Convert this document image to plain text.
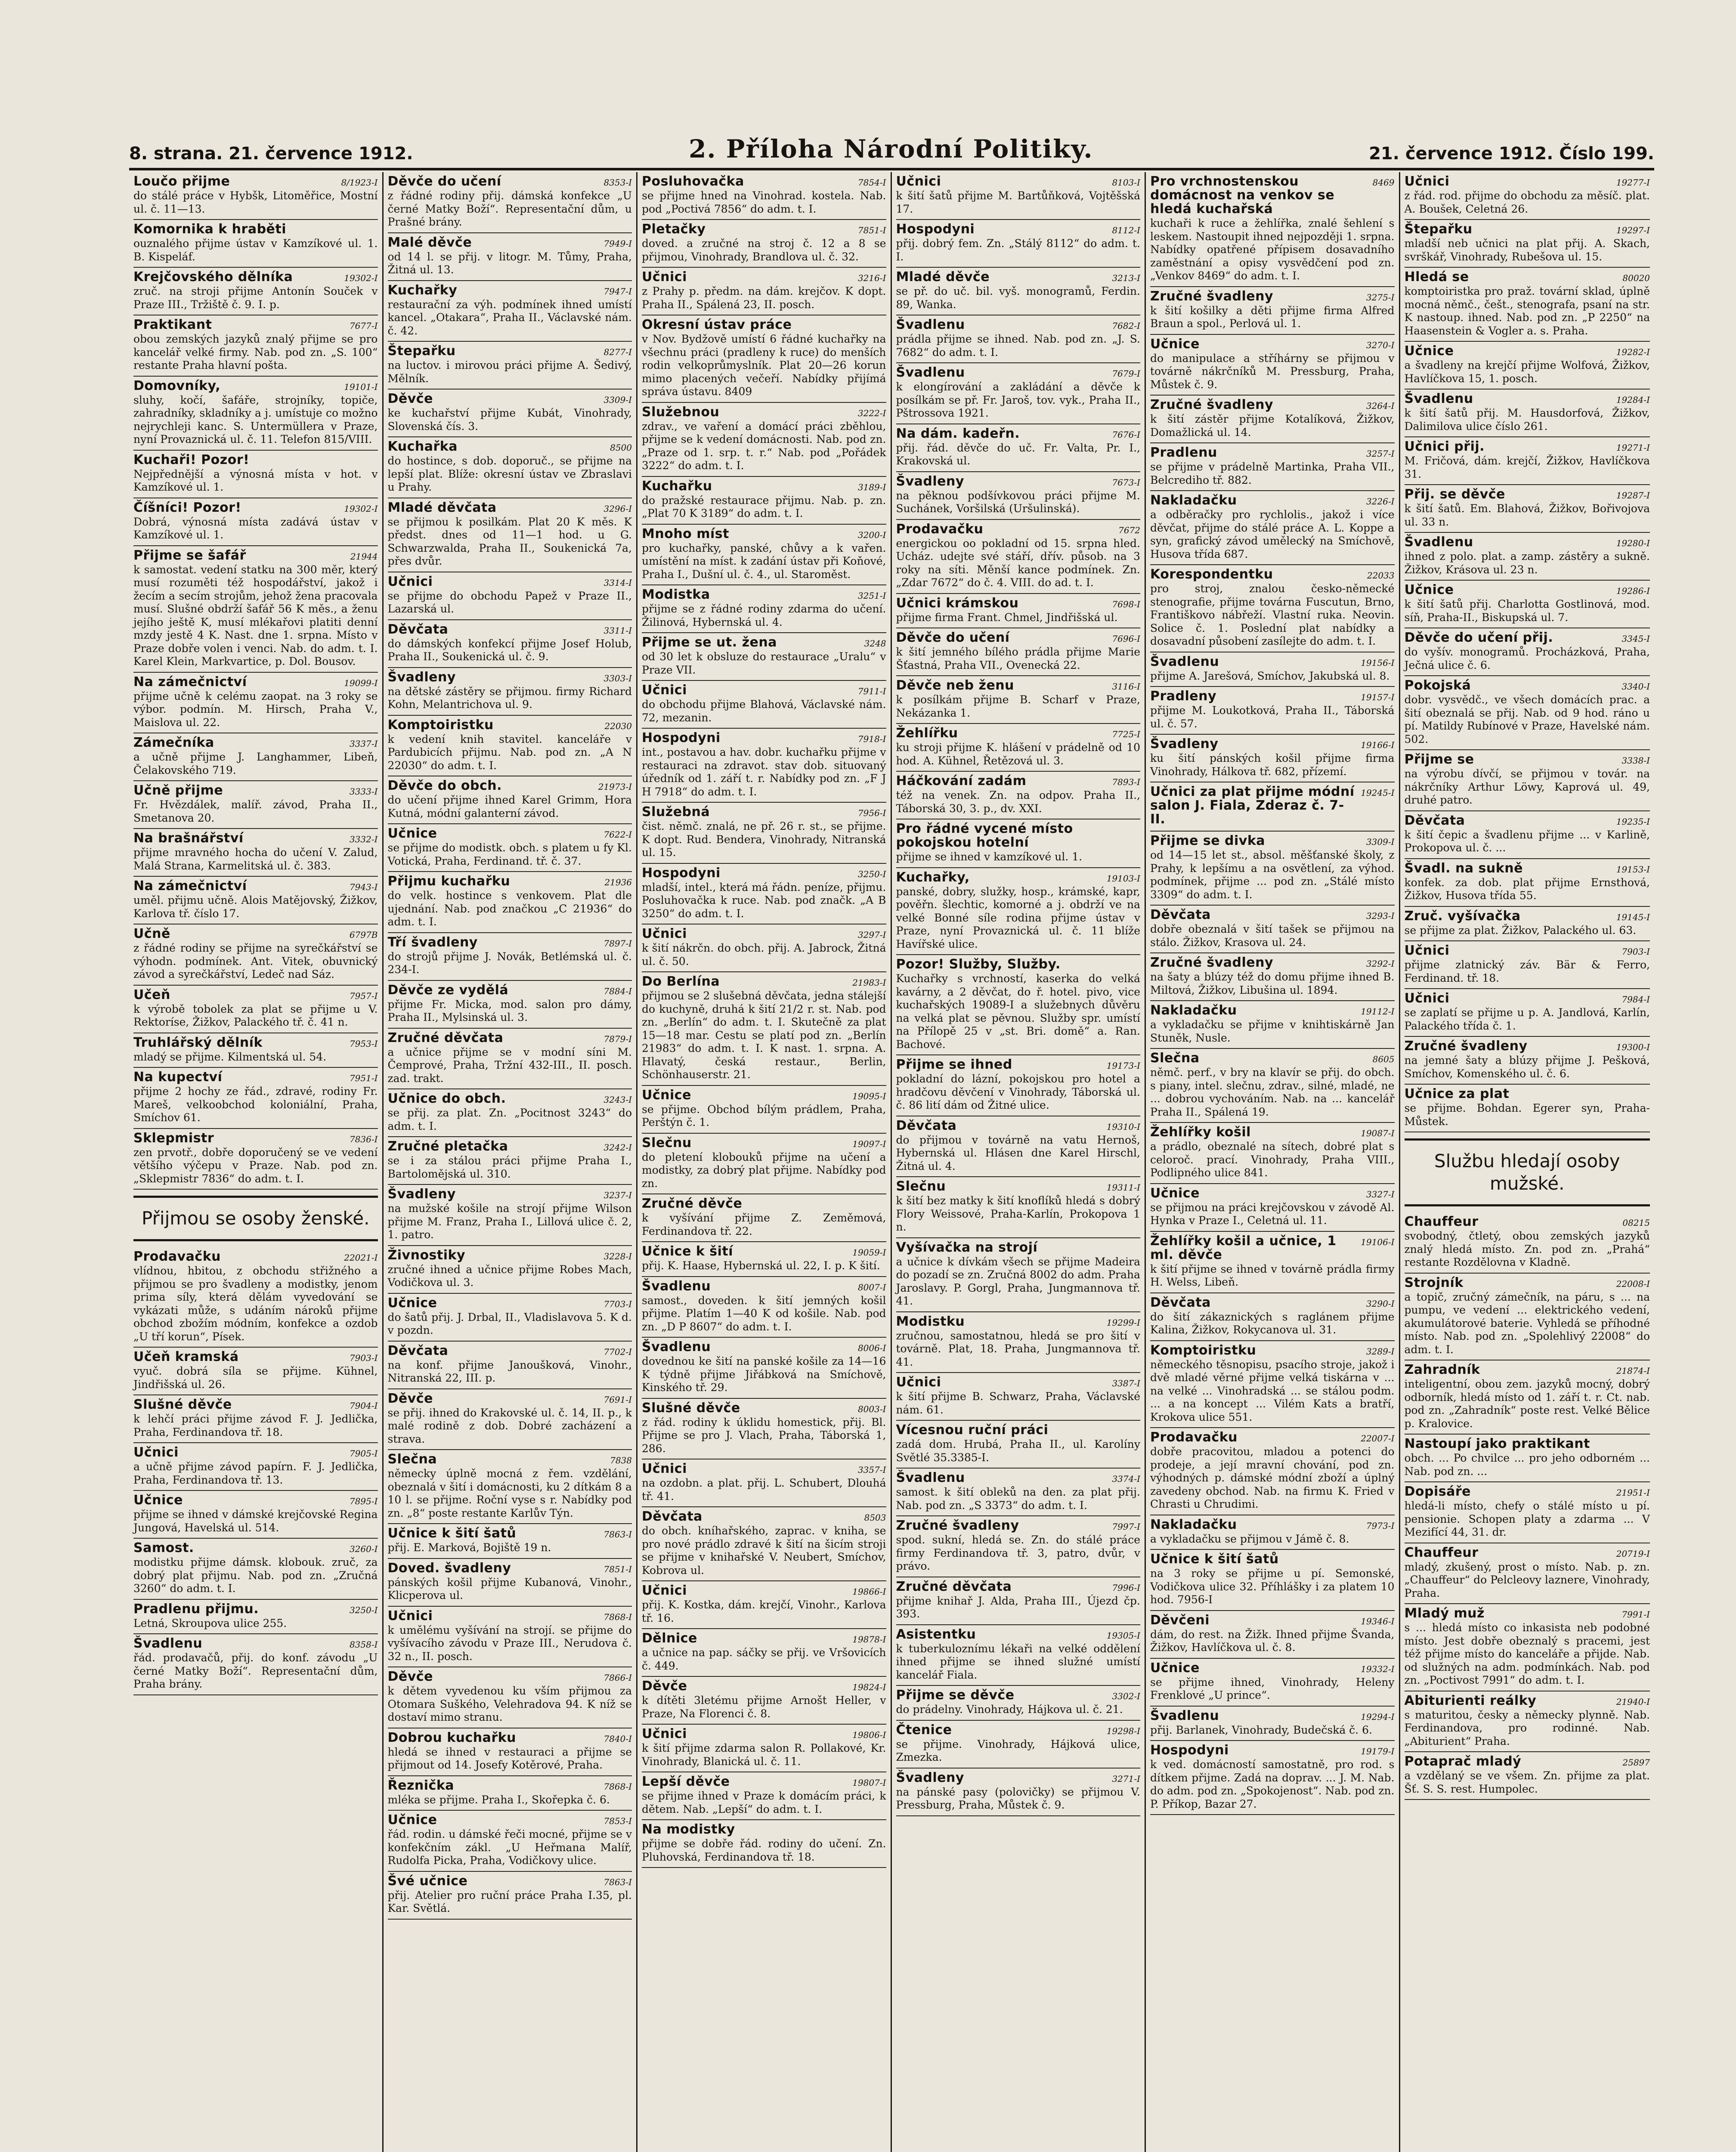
8. strana. 21. července 1912.	2. Příloha Národní Politiky.	21. července 1912. Číslo 199.
Loučo přijme	8/1923-I
do stálé práce v Hybšk, Litoměřice, Mostní ul. č. 11—13.
Komornika k hraběti
ouznalého přijme ústav v Kamzíkové ul. 1. B. Kispeláf.
Krejčovského dělníka	19302-I
zruč. na stroji přijme Antonín Souček v Praze III., Tržiště č. 9. I. p.
Praktikant	7677-I
obou zemských jazyků znalý přijme se pro kancelář velké firmy. Nab. pod zn. „S. 100“ restante Praha hlavní pošta.
Domovníky,	19101-I
sluhy, kočí, šafáře, strojníky, topiče, zahradníky, skladníky a j. umístuje co možno nejrychleji kanc. S. Untermüllera v Praze, nyní Provaznická ul. č. 11. Telefon 815/VIII.
Kuchaři! Pozor!
Nejpřednější a výnosná místa v hot. v Kamzíkové ul. 1.
Číšníci! Pozor!	19302-I
Dobrá, výnosná místa zadává ústav v Kamzíkové ul. 1.
Přijme se šafář	21944
k samostat. vedení statku na 300 měr, který musí rozuměti též hospodářství, jakož i žecím a secím strojům, jehož žena pracovala musí. Slušné obdrží šafář 56 K měs., a ženu jejího ještě K, musí mlékařovi platiti denní mzdy jestě 4 K. Nast. dne 1. srpna. Místo v Praze dobře volen i venci. Nab. do adm. t. I. Karel Klein, Markvartice, p. Dol. Bousov.
Na zámečnictví	19099-I
přijme učně k celému zaopat. na 3 roky se výbor. podmín. M. Hirsch, Praha V., Maislova ul. 22.
Zámečníka	3337-I
a učně přijme J. Langhammer, Libeň, Čelakovského 719.
Učně přijme	3333-I
Fr. Hvězdálek, malíř. závod, Praha II., Smetanova 20.
Na brašnářství	3332-I
přijme mravného hocha do učení V. Zalud, Malá Strana, Karmelitská ul. č. 383.
Na zámečnictví	7943-I
uměl. přijmu učně. Alois Matějovský, Žižkov, Karlova tř. číslo 17.
Učně	6797B
z řádné rodiny se přijme na syrečkářství se výhodn. podmínek. Ant. Vitek, obuvnický závod a syrečkářství, Ledeč nad Sáz.
Učeň	7957-I
k výrobě tobolek za plat se přijme u V. Rektoríse, Žižkov, Palackého tř. č. 41 n.
Truhlářský dělník	7953-I
mladý se přijme. Kilmentská ul. 54.
Na kupectví	7951-I
přijme 2 hochy ze řád., zdravé, rodiny Fr. Mareš, velkoobchod koloniální, Praha, Smíchov 61.
Sklepmistr	7836-I
zen prvotř., dobře doporučený se ve vedení většího výčepu v Praze. Nab. pod zn. „Sklepmistr 7836“ do adm. t. I.
Přijmou se osoby ženské.
Prodavačku	22021-I
vlídnou, hbitou, z obchodu střižného a přijmou se pro švadleny a modistky, jenom prima síly, která dělám vyvedování se vykázati může, s udáním nároků přijme obchod zbožím módním, konfekce a ozdob „U tří korun“, Písek.
Učeň kramská	7903-I
vyuč. dobrá síla se přijme. Kühnel, Jindřišská ul. 26.
Slušné děvče	7904-I
k lehčí práci přijme závod F. J. Jedlička, Praha, Ferdinandova tř. 18.
Učnici	7905-I
a učně přijme závod papírn. F. J. Jedlička, Praha, Ferdinandova tř. 13.
Učnice	7895-I
přijme se ihned v dámské krejčovské Regina Jungová, Havelská ul. 514.
Samost.	3260-I
modistku přijme dámsk. klobouk. zruč, za dobrý plat přijmu. Nab. pod zn. „Zručná 3260“ do adm. t. I.
Pradlenu přijmu.	3250-I
Letná, Skroupova ulice 255.
Švadlenu	8358-I
řád. prodavačů, přij. do konf. závodu „U černé Matky Boží“. Representační dům, Praha brány.
Děvče do učení	8353-I
z řádné rodiny přij. dámská konfekce „U černé Matky Boží“. Representační dům, u Prašné brány.
Malé děvče	7949-I
od 14 l. se přij. v litogr. M. Tůmy, Praha, Žitná ul. 13.
Kuchařky	7947-I
restaurační za výh. podmínek ihned umístí kancel. „Otakara“, Praha II., Václavské nám. č. 42.
Štepařku	8277-I
na luctov. i mirovou práci přijme A. Šedivý, Mělník.
Děvče	3309-I
ke kuchařství přijme Kubát, Vinohrady, Slovenská čís. 3.
Kuchařka	8500
do hostince, s dob. doporuč., se přijme na lepší plat. Blíže: okresní ústav ve Zbraslavi u Prahy.
Mladé děvčata	3296-I
se přijmou k posilkám. Plat 20 K měs. K předst. dnes od 11—1 hod. u G. Schwarzwalda, Praha II., Soukenická 7a, přes dvůr.
Učnici	3314-I
se přijme do obchodu Papež v Praze II., Lazarská ul.
Děvčata	3311-I
do dámských konfekcí přijme Josef Holub, Praha II., Soukenická ul. č. 9.
Švadleny	3303-I
na dětské zástěry se přijmou. firmy Richard Kohn, Melantrichova ul. 9.
Komptoiristku	22030
k vedení knih stavitel. kanceláře v Pardubicích přijmu. Nab. pod zn. „A N 22030“ do adm. t. I.
Děvče do obch.	21973-I
do učení přijme ihned Karel Grimm, Hora Kutná, módní galanterní závod.
Učnice	7622-I
se přijme do modistk. obch. s platem u fy Kl. Votická, Praha, Ferdinand. tř. č. 37.
Přijmu kuchařku	21936
do velk. hostince s venkovem. Plat dle ujednání. Nab. pod značkou „C 21936“ do adm. t. I.
Tří švadleny	7897-I
do strojů přijme J. Novák, Betlémská ul. č. 234-I.
Děvče ze vydělá	7884-I
přijme Fr. Micka, mod. salon pro dámy, Praha II., Mylsinská ul. 3.
Zručné děvčata	7879-I
a učnice přijme se v modní síni M. Čemprové, Praha, Tržní 432-III., II. posch. zad. trakt.
Učnice do obch.	3243-I
se přij. za plat. Zn. „Pocitnost 3243“ do adm. t. I.
Zručné pletačka	3242-I
se i za stálou práci přijme Praha I., Bartolomějská ul. 310.
Švadleny	3237-I
na mužské košile na strojí přijme Wilson přijme M. Franz, Praha I., Lillová ulice č. 2, 1. patro.
Živnostiky	3228-I
zručné ihned a učnice přijme Robes Mach, Vodičkova ul. 3.
Učnice	7703-I
do šatů přij. J. Drbal, II., Vladislavova 5. K d. v pozdn.
Děvčata	7702-I
na konf. přijme Janoušková, Vinohr., Nitranská 22, III. p.
Děvče	7691-I
se přij. ihned do Krakovské ul. č. 14, II. p., k malé rodině z dob. Dobré zacházení a strava.
Slečna	7838
německy úplně mocná z řem. vzdělání, obeznalá v šití i domácnosti, ku 2 dítkám 8 a 10 l. se přijme. Roční vyse s r. Nabídky pod zn. „8“ poste restante Karlův Týn.
Učnice k šití šatů	7863-I
přij. E. Marková, Bojiště 19 n.
Doved. švadleny	7851-I
pánských košil přijme Kubanová, Vinohr., Klicperova ul.
Učnici	7868-I
k umělému vyšívání na strojí. se přijme do vyšívacího závodu v Praze III., Nerudova č. 32 n., II. posch.
Děvče	7866-I
k dětem vyvedenou ku vším přijmou za Otomara Suškého, Velehradova 94. K níž se dostaví mimo stranu.
Dobrou kuchařku	7840-I
hledá se ihned v restauraci a přijme se přijmout od 14. Josefy Kotěrové, Praha.
Řeznička	7868-I
mléka se přijme. Praha I., Skořepka č. 6.
Učnice	7853-I
řád. rodin. u dámské řeči mocné, přijme se v konfekčním zákl. „U Heřmana Malíř, Rudolfa Picka, Praha, Vodičkovy ulice.
Švé učnice	7863-I
přij. Atelier pro ruční práce Praha I.35, pl. Kar. Světlá.
Posluhovačka	7854-I
se přijme hned na Vinohrad. kostela. Nab. pod „Poctivá 7856“ do adm. t. I.
Pletačky	7851-I
doved. a zručné na stroj č. 12 a 8 se přijmou, Vinohrady, Brandlova ul. č. 32.
Učnici	3216-I
z Prahy p. předm. na dám. krejčov. K dopt. Praha II., Spálená 23, II. posch.
Okresní ústav práce
v Nov. Bydžově umístí 6 řádné kuchařky na všechnu práci (pradleny k ruce) do menších rodin velkoprůmyslník. Plat 20—26 korun mimo placených večeří. Nabídky přijímá správa ústavu. 8409
Služebnou	3222-I
zdrav., ve vaření a domácí práci zběhlou, přijme se k vedení domácnosti. Nab. pod zn. „Praze od 1. srp. t. r.“ Nab. pod „Pořádek 3222“ do adm. t. I.
Kuchařku	3189-I
do pražské restaurace přijmu. Nab. p. zn. „Plat 70 K 3189“ do adm. t. I.
Mnoho míst	3200-I
pro kuchařky, panské, chůvy a k vařen. umístění na míst. k zadání ústav při Koňové, Praha I., Dušní ul. č. 4., ul. Staroměst.
Modistka	3251-I
přijme se z řádné rodiny zdarma do učení. Žilinová, Hybernská ul. 4.
Přijme se ut. žena	3248
od 30 let k obsluze do restaurace „Uralu“ v Praze VII.
Učnici	7911-I
do obchodu přijme Blahová, Václavské nám. 72, mezanin.
Hospodyni	7918-I
int., postavou a hav. dobr. kuchařku přijme v restauraci na zdravot. stav dob. situovaný úředník od 1. září t. r. Nabídky pod zn. „F J H 7918“ do adm. t. I.
Služebná	7956-I
čist. němč. znalá, ne př. 26 r. st., se přijme. K dopt. Rud. Bendera, Vinohrady, Nitranská ul. 15.
Hospodyni	3250-I
mladší, intel., která má řádn. peníze, přijmu. Posluhovačka k ruce. Nab. pod značk. „A B 3250“ do adm. t. I.
Učnici	3297-I
k šití nákrčn. do obch. přij. A. Jabrock, Žitná ul. č. 50.
Do Berlína	21983-I
přijmou se 2 slušebná děvčata, jedna stálejší do kuchyně, druhá k šití 21/2 r. st. Nab. pod zn. „Berlín“ do adm. t. I. Skutečně za plat 15—18 mar. Cestu se platí pod zn. „Berlín 21983“ do adm. t. I. K nast. 1. srpna. A. Hlavatý, česká restaur., Berlin, Schönhauserstr. 21.
Učnice	19095-I
se přijme. Obchod bílým prádlem, Praha, Perštýn č. 1.
Slečnu	19097-I
do pletení klobouků přijme na učení a modistky, za dobrý plat přijme. Nabídky pod zn.
Zručné děvče
k vyšívání přijme Z. Zeměmová, Ferdinandova tř. 22.
Učnice k šití	19059-I
přij. K. Haase, Hybernská ul. 22, I. p. K šití.
Švadlenu	8007-I
samost., doveden. k šití jemných košil přijme. Platím 1—40 K od košile. Nab. pod zn. „D P 8607“ do adm. t. I.
Švadlenu	8006-I
dovednou ke šití na panské košile za 14—16 K týdně přijme Jiřábková na Smíchově, Kinského tř. 29.
Slušné děvče	8003-I
z řád. rodiny k úklidu homestick, přij. Bl. Přijme se pro J. Vlach, Praha, Táborská 1, 286.
Učnici	3357-I
na ozdobn. a plat. přij. L. Schubert, Dlouhá tř. 41.
Děvčata	8503
do obch. kníhařského, zaprac. v kniha, se pro nové prádlo zdravé k šití na šicím stroji se přijme v knihařské V. Neubert, Smíchov, Kobrova ul.
Učnici	19866-I
přij. K. Kostka, dám. krejčí, Vinohr., Karlova tř. 16.
Dělnice	19878-I
a učnice na pap. sáčky se přij. ve Vršovicích č. 449.
Děvče	19824-I
k dítěti 3letému přijme Arnošt Heller, v Praze, Na Florenci č. 8.
Učnici	19806-I
k šití přijme zdarma salon R. Pollakové, Kr. Vinohrady, Blanická ul. č. 11.
Lepší děvče	19807-I
se přijme ihned v Praze k domácím práci, k dětem. Nab. „Lepší“ do adm. t. I.
Na modistky
přijme se dobře řád. rodiny do učení. Zn. Pluhovská, Ferdinandova tř. 18.
Učnici	8103-I
k šití šatů přijme M. Bartůňková, Vojtěšská 17.
Hospodyni	8112-I
přij. dobrý fem. Zn. „Stálý 8112“ do adm. t. I.
Mladé děvče	3213-I
se př. do uč. bil. vyš. monogramů, Ferdin. 89, Wanka.
Švadlenu	7682-I
prádla přijme se ihned. Nab. pod zn. „J. S. 7682“ do adm. t. I.
Švadlenu	7679-I
k elongírování a zakládání a děvče k posílkám se př. Fr. Jaroš, tov. vyk., Praha II., Pštrossova 1921.
Na dám. kadeřn.	7676-I
přij. řád. děvče do uč. Fr. Valta, Pr. I., Krakovská ul.
Švadleny	7673-I
na pěknou podšívkovou práci přijme M. Suchánek, Voršilská (Uršulinská).
Prodavačku	7672
energickou oo pokladní od 15. srpna hled. Ucház. udejte své stáří, dřív. působ. na 3 roky na síti. Měnší kance podmínek. Zn. „Zdar 7672“ do č. 4. VIII. do ad. t. I.
Učnici krámskou	7698-I
přijme firma Frant. Chmel, Jindřišská ul.
Děvče do učení	7696-I
k šití jemného bílého prádla přijme Marie Šťastná, Praha VII., Ovenecká 22.
Děvče neb ženu	3116-I
k posílkám přijme B. Scharf v Praze, Nekázanka 1.
Žehlířku	7725-I
ku stroji přijme K. hlášení v prádelně od 10 hod. A. Kühnel, Řetězová ul. 3.
Háčkování zadám	7893-I
též na venek. Zn. na odpov. Praha II., Táborská 30, 3. p., dv. XXI.
Pro řádné vycené místo pokojskou hotelní
přijme se ihned v kamzíkové ul. 1.
Kuchařky,	19103-I
panské, dobry, služky, hosp., krámské, kapr, pověřn. šlechtic, komorné a j. obdrží ve na velké Bonné síle rodina přijme ústav v Praze, nyní Provaznická ul. č. 11 blíže Havířské ulice.
Pozor! Služby, Služby.
Kuchařky s vrchností, kaserka do velká kavárny, a 2 děvčat, do ř. hotel. pivo, vice kuchařských 19089-I a služebnych důvěru na velká plat se pěvnou. Služby spr. umístí na Přílopě 25 v „st. Bri. domě“ a. Ran. Bachové.
Přijme se ihned	19173-I
pokladní do lázní, pokojskou pro hotel a hradčovu děvčení v Vinohrady, Táborská ul. č. 86 lití dám od Žitné ulice.
Děvčata	19310-I
do přijmou v továrně na vatu Hernoš, Hybernská ul. Hlásen dne Karel Hirschl, Žitná ul. 4.
Slečnu	19311-I
k šití bez matky k šití knoflíků hledá s dobrý Flory Weissové, Praha-Karlín, Prokopova 1 n.
Vyšívačka na strojí
a učnice k dívkám všech se přijme Madeira do pozadí se zn. Zručná 8002 do adm. Praha Jaroslavy. P. Gorgl, Praha, Jungmannova tř. 41.
Modistku	19299-I
zručnou, samostatnou, hledá se pro šití v továrně. Plat, 18. Praha, Jungmannova tř. 41.
Učnici	3387-I
k šití přijme B. Schwarz, Praha, Václavské nám. 61.
Vícesnou ruční práci
zadá dom. Hrubá, Praha II., ul. Karolíny Světlé 35.3385-I.
Švadlenu	3374-I
samost. k šití obleků na den. za plat přij. Nab. pod zn. „S 3373“ do adm. t. I.
Zručné švadleny	7997-I
spod. sukní, hledá se. Zn. do stálé práce firmy Ferdinandova tř. 3, patro, dvůr, v právo.
Zručné děvčata	7996-I
přijme knihař J. Alda, Praha III., Újezd čp. 393.
Asistentku	19305-I
k tuberkuloznímu lékaři na velké oddělení ihned přijme se ihned služné umístí kancelář Fiala.
Přijme se děvče	3302-I
do prádelny. Vinohrady, Hájkova ul. č. 21.
Čtenice	19298-I
se přijme. Vinohrady, Hájková ulice, Zmezka.
Švadleny	3271-I
na pánské pasy (polovičky) se přijmou V. Pressburg, Praha, Můstek č. 9.
Pro vrchnostenskou domácnost na venkov se hledá kuchařská
8469
kuchaři k ruce a žehlířka, znalé šehlení s leskem. Nastoupit ihned nejpozději 1. srpna. Nabídky opatřené přípisem dosavadního zaměstnání a opisy vysvědčení pod zn. „Venkov 8469“ do adm. t. I.
Zručné švadleny	3275-I
k šití košilky a děti přijme firma Alfred Braun a spol., Perlová ul. 1.
Učnice	3270-I
do manipulace a stříhárny se přijmou v továrně nákrčníků M. Pressburg, Praha, Můstek č. 9.
Zručné švadleny	3264-I
k šití zástěr přijme Kotalíková, Žižkov, Domažlická ul. 14.
Pradlenu	3257-I
se přijme v prádelně Martinka, Praha VII., Belcrediho tř. 882.
Nakladačku	3226-I
a odběračky pro rychlolis., jakož i více děvčat, přijme do stálé práce A. L. Koppe a syn, grafický závod umělecký na Smíchově, Husova třída 687.
Korespondentku	22033
pro stroj, znalou česko-německé stenografie, přijme továrna Fuscutun, Brno, Františkovo nábřeží. Vlastní ruka. Neovin. Solice č. 1. Poslední plat nabídky a dosavadní působení zasílejte do adm. t. I.
Švadlenu	19156-I
přijme A. Jarešová, Smíchov, Jakubská ul. 8.
Pradleny	19157-I
přijme M. Loukotková, Praha II., Táborská ul. č. 57.
Švadleny	19166-I
ku šití pánských košil přijme firma Vinohrady, Hálkova tř. 682, přízemí.
Učnici za plat přijme módní salon J. Fiala, Zderaz č. 7-II.
19245-I
Přijme se divka	3309-I
od 14—15 let st., absol. měšťanské školy, z Prahy, k lepšímu a na osvětlení, za výhod. podmínek, přijme ... pod zn. „Stálé místo 3309“ do adm. t. I.
Děvčata	3293-I
dobře obeznalá v šití tašek se přijmou na stálo. Žižkov, Krasova ul. 24.
Zručné švadleny	3292-I
na šaty a blúzy též do domu přijme ihned B. Miltová, Žižkov, Libušina ul. 1894.
Nakladačku	19112-I
a vykladačku se přijme v knihtiskárně Jan Stuněk, Nusle.
Slečna	8605
němč. perf., v bry na klavír se přij. do obch. s piany, intel. slečnu, zdrav., silné, mladé, ne ... dobrou vychováním. Nab. na ... kancelář Praha II., Spálená 19.
Žehlířky košil	19087-I
a prádlo, obeznalé na sítech, dobré plat s celoroč. prací. Vinohrady, Praha VIII., Podlipného ulice 841.
Učnice	3327-I
se přijmou na práci krejčovskou v závodě Al. Hynka v Praze I., Celetná ul. 11.
Žehlířky košil a učnice, 1 ml. děvče
19106-I
k šití přijme se ihned v továrně prádla firmy H. Welss, Libeň.
Děvčata	3290-I
do šití zákaznických s raglánem přijme Kalina, Žižkov, Rokycanova ul. 31.
Komptoiristku	3289-I
německého těsnopisu, psacího stroje, jakož i dvě mladé věrné přijme velká tiskárna v ... na velké ... Vinohradská ... se stálou podm. ... a na koncept ... Vilém Kats a bratří, Krokova ulice 551.
Prodavačku	22007-I
dobře pracovitou, mladou a potenci do prodeje, a její mravní chování, pod zn. výhodných p. dámské módní zboží a úplný zavedeny obchod. Nab. na firmu K. Fried v Chrasti u Chrudimi.
Nakladačku	7973-I
a vykladačku se přijmou v Jámě č. 8.
Učnice k šití šatů
na 3 roky se přijme u pí. Semonské, Vodičkova ulice 32. Příhlášky i za platem 10 hod. 7956-I
Děvčeni	19346-I
dám, do rest. na Žižk. Ihned přijme Švanda, Žižkov, Havlíčkova ul. č. 8.
Učnice	19332-I
se přijme ihned, Vinohrady, Heleny Frenklové „U prince“.
Švadlenu	19294-I
přij. Barlanek, Vinohrady, Budečská č. 6.
Hospodyni	19179-I
k ved. domácností samostatně, pro rod. s dítkem přijme. Zadá na doprav. ... J. M. Nab. do adm. pod zn. „Spokojenost“. Nab. pod zn. P. Příkop, Bazar 27.
Učnici	19277-I
z řád. rod. přijme do obchodu za měsíč. plat. A. Boušek, Celetná 26.
Štepařku	19297-I
mladší neb učnici na plat přij. A. Skach, svrškář, Vinohrady, Rubešova ul. 15.
Hledá se	80020
komptoiristka pro praž. tovární sklad, úplně mocná němč., češt., stenografa, psaní na str. K nastoup. ihned. Nab. pod zn. „P 2250“ na Haasenstein & Vogler a. s. Praha.
Učnice	19282-I
a švadleny na krejčí přijme Wolfová, Žižkov, Havlíčkova 15, 1. posch.
Švadlenu	19284-I
k šití šatů přij. M. Hausdorfová, Žižkov, Dalimilova ulice číslo 261.
Učnici přij.	19271-I
M. Fričová, dám. krejčí, Žižkov, Havlíčkova 31.
Přij. se děvče	19287-I
k šití šatů. Em. Blahová, Žižkov, Bořivojova ul. 33 n.
Švadlenu	19280-I
ihned z polo. plat. a zamp. zástěry a sukně. Žižkov, Krásova ul. 23 n.
Učnice	19286-I
k šití šatů přij. Charlotta Gostlinová, mod. síň, Praha-II., Biskupská ul. 7.
Děvče do učení přij.	3345-I
do vyšív. monogramů. Procházková, Praha, Ječná ulice č. 6.
Pokojská	3340-I
dobr. vysvědč., ve všech domácích prac. a šití obeznalá se přij. Nab. od 9 hod. ráno u pí. Matildy Rubínové v Praze, Havelské nám. 502.
Přijme se	3338-I
na výrobu dívčí, se přijmou v továr. na nákrčníky Arthur Löwy, Kaprová ul. 49, druhé patro.
Děvčata	19235-I
k šití čepic a švadlenu přijme ... v Karlině, Prokopova ul. č. ...
Švadl. na sukně	19153-I
konfek. za dob. plat přijme Ernsthová, Žižkov, Husova třída 55.
Zruč. vyšívačka	19145-I
se přijme za plat. Žižkov, Palackého ul. 63.
Učnici	7903-I
přijme zlatnický záv. Bär & Ferro, Ferdinand. tř. 18.
Učnici	7984-I
se zaplatí se přijme u p. A. Jandlová, Karlín, Palackého třída č. 1.
Zručné švadleny	19300-I
na jemné šaty a blúzy přijme J. Pešková, Smíchov, Komenského ul. č. 6.
Učnice za plat
se přijme. Bohdan. Egerer syn, Praha-Můstek.
Službu hledají osoby mužské.
Chauffeur	08215
svobodný, čtletý, obou zemských jazyků znalý hledá místo. Zn. pod zn. „Prahá“ restante Rozdělovna v Kladně.
Strojník	22008-I
a topič, zručný zámečník, na páru, s ... na pumpu, ve vedení ... elektrického vedení, akumulátorové baterie. Vyhledá se příhodné místo. Nab. pod zn. „Spolehlivý 22008“ do adm. t. I.
Zahradník	21874-I
inteligentní, obou zem. jazyků mocný, dobrý odborník, hledá místo od 1. září t. r. Ct. nab. pod zn. „Zahradník“ poste rest. Velké Bělice p. Kralovice.
Nastoupí jako praktikant
obch. ... Po chvilce ... pro jeho odborném ... Nab. pod zn. ...
Dopisáře	21951-I
hledá-li místo, chefy o stálé místo u pí. pensionie. Schopen platy a zdarma ... V Mezifící 44, 31. dr.
Chauffeur	20719-I
mladý, zkušený, prost o místo. Nab. p. zn. „Chauffeur“ do Pelcleovy laznere, Vinohrady, Praha.
Mladý muž	7991-I
s ... hledá místo co inkasista neb podobné místo. Jest dobře obeznalý s pracemi, jest též přijme místo do kanceláře a přijde. Nab. od služných na adm. podmínkách. Nab. pod zn. „Poctivost 7991“ do adm. t. I.
Abiturienti reálky	21940-I
s maturitou, česky a německy plynně. Nab. Ferdinandova, pro rodinné. Nab. „Abiturient“ Praha.
Potaprač mladý	25897
a vzdělaný se ve všem. Zn. přijme za plat. Šť. S. S. rest. Humpolec.
